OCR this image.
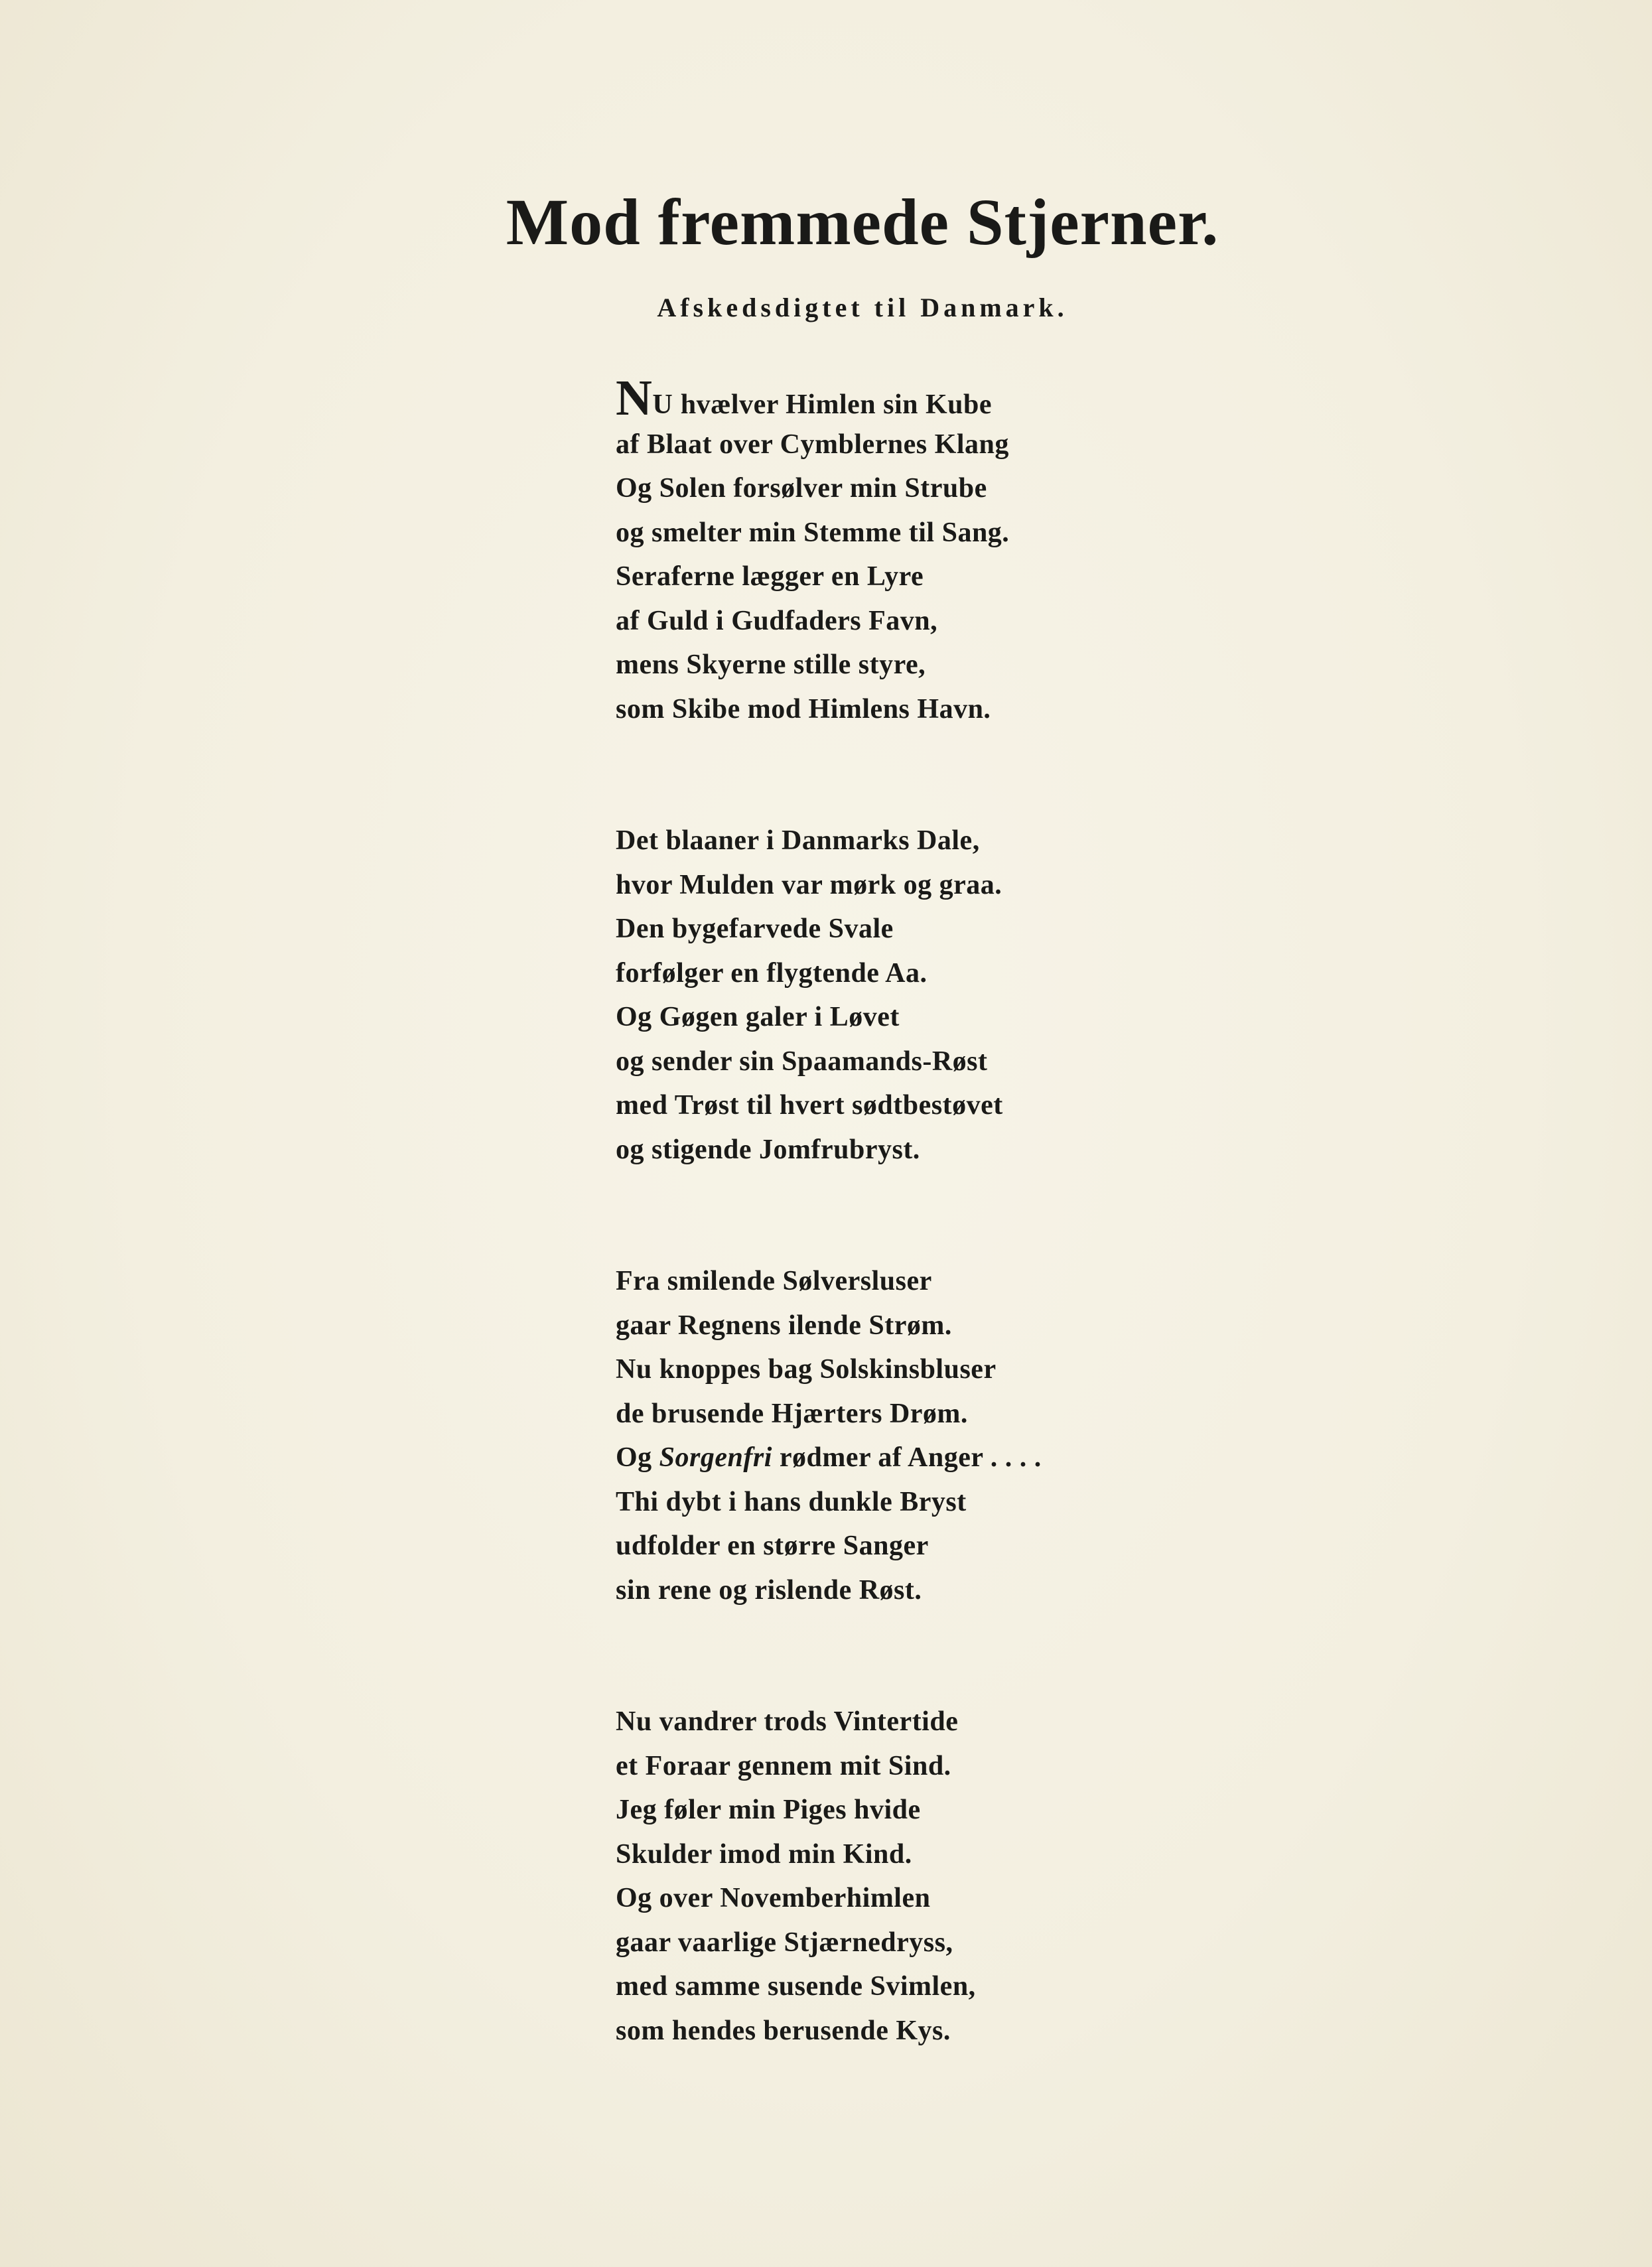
Mod fremmede Stjerner.
Afskedsdigtet til Danmark.
NU hvælver Himlen sin Kube
af Blaat over Cymblernes Klang
Og Solen forsølver min Strube
og smelter min Stemme til Sang.
Seraferne lægger en Lyre
af Guld i Gudfaders Favn,
mens Skyerne stille styre,
som Skibe mod Himlens Havn.
Det blaaner i Danmarks Dale,
hvor Mulden var mørk og graa.
Den bygefarvede Svale
forfølger en flygtende Aa.
Og Gøgen galer i Løvet
og sender sin Spaamands-Røst
med Trøst til hvert sødtbestøvet
og stigende Jomfrubryst.
Fra smilende Sølversluser
gaar Regnens ilende Strøm.
Nu knoppes bag Solskinsbluser
de brusende Hjærters Drøm.
Og Sorgenfri rødmer af Anger . . . .
Thi dybt i hans dunkle Bryst
udfolder en større Sanger
sin rene og rislende Røst.
Nu vandrer trods Vintertide
et Foraar gennem mit Sind.
Jeg føler min Piges hvide
Skulder imod min Kind.
Og over Novemberhimlen
gaar vaarlige Stjærnedryss,
med samme susende Svimlen,
som hendes berusende Kys.
